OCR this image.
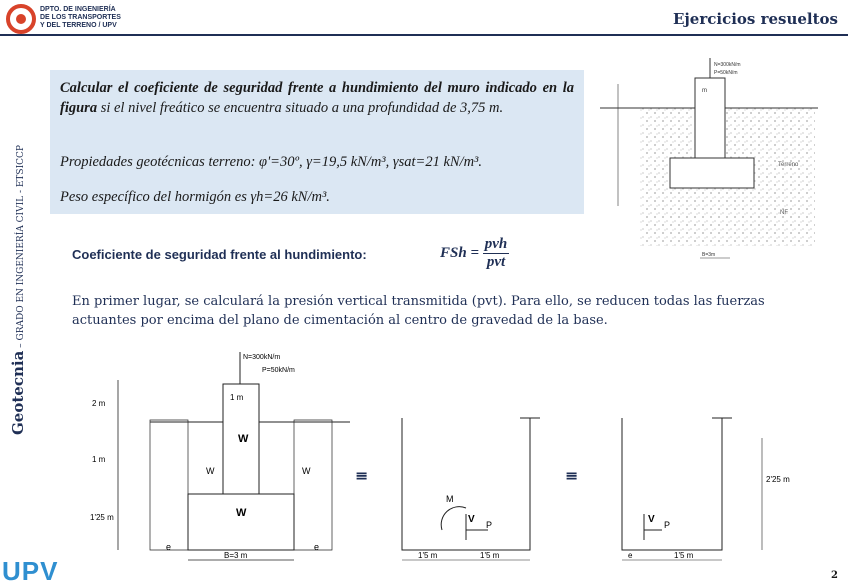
DPTO. DE INGENIERÍA
DE LOS TRANSPORTES
Y DEL TERRENO / UPV	Ejercicios resueltos
Geotecnia – GRADO EN INGENIERÍA CIVIL - ETSICCP

Calcular el coeficiente de seguridad frente a hundimiento del muro indicado en la figura si el nivel freático se encuentra situado a una profundidad de 3,75 m.

Propiedades geotécnicas terreno: φ'=30º, γ=19,5 kN/m³, γsat=21 kN/m³.

Peso específico del hormigón es γh=26 kN/m³.

N=300kN/m
P=50kN/m
m
Terreno
NF
B=3m
Coeficiente de seguridad frente al hundimiento:	FSh = $\frac{\text{pvh}}{\text{pvt}}$
En primer lugar, se calculará la presión vertical transmitida (pvt). Para ello, se reducen todas las fuerzas actuantes por encima del plano de cimentación al centro de gravedad de la base.
N=300kN/m
P=50kN/m
1 m
2 m
1 m
1'25 m
W
W	W
W
e	e
B=3 m
≡
M
V P
1'5 m	1'5 m
≡
V P
e	1'5 m
2'25 m
UPV	2
